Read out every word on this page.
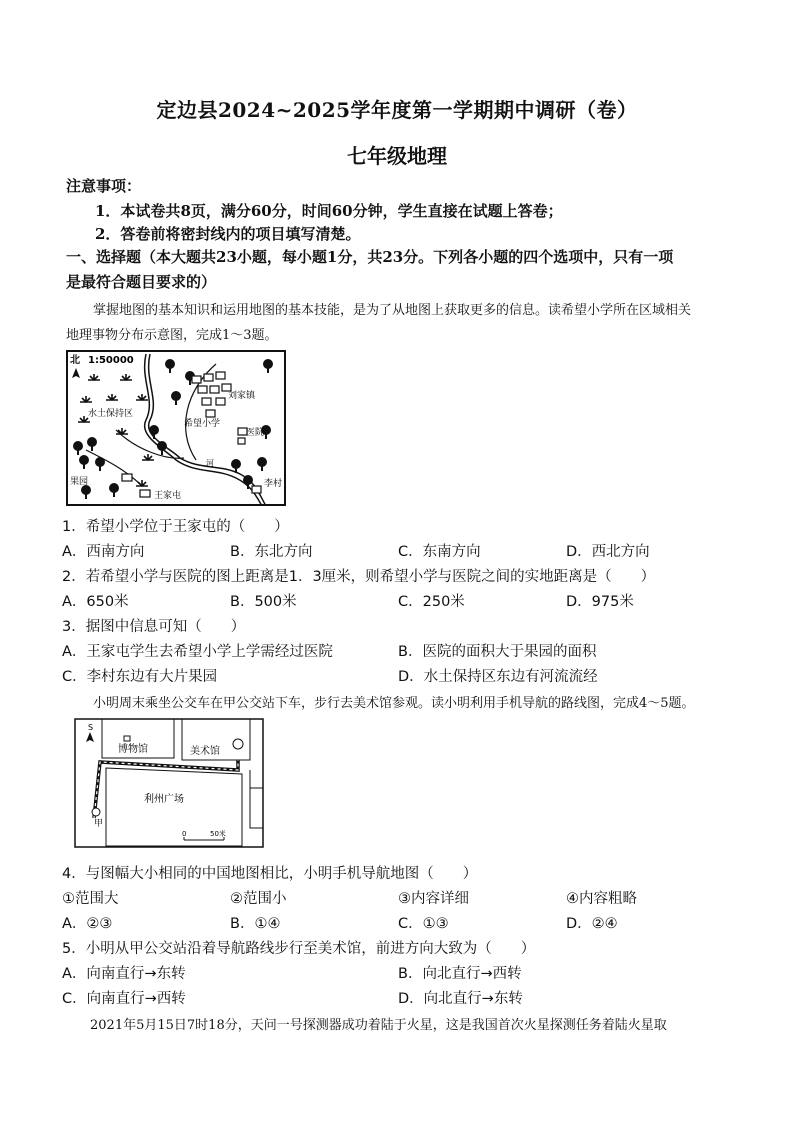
定边县2024~2025学年度第一学期期中调研（卷）
七年级地理
注意事项：
1．本试卷共8页，满分60分，时间60分钟，学生直接在试题上答卷；
2．答卷前将密封线内的项目填写清楚。
一、选择题（本大题共23小题，每小题1分，共23分。下列各小题的四个选项中，只有一项
是最符合题目要求的）
掌握地图的基本知识和运用地图的基本技能，是为了从地图上获取更多的信息。读希望小学所在区域相关
地理事物分布示意图，完成1～3题。
北 1:50000
刘家镇
水土保持区
希望小学
医院
果园
王家屯
李村
河
1．希望小学位于王家屯的（　　）
A．西南方向	B．东北方向	C．东南方向	D．西北方向
2．若希望小学与医院的图上距离是1．3厘米，则希望小学与医院之间的实地距离是（　　）
A．650米	B．500米	C．250米	D．975米
3．据图中信息可知（　　）
A．王家屯学生去希望小学上学需经过医院	B．医院的面积大于果园的面积
C．李村东边有大片果园	D．水土保持区东边有河流流经
小明周末乘坐公交车在甲公交站下车，步行去美术馆参观。读小明利用手机导航的路线图，完成4～5题。
S
博物馆	美术馆
利州广场
甲
0	50米
4．与图幅大小相同的中国地图相比，小明手机导航地图（　　）
①范围大	②范围小	③内容详细	④内容粗略
A．②③	B．①④	C．①③	D．②④
5．小明从甲公交站沿着导航路线步行至美术馆，前进方向大致为（　　）
A．向南直行→东转	B．向北直行→西转
C．向南直行→西转	D．向北直行→东转
2021年5月15日7时18分，天问一号探测器成功着陆于火星，这是我国首次火星探测任务着陆火星取
